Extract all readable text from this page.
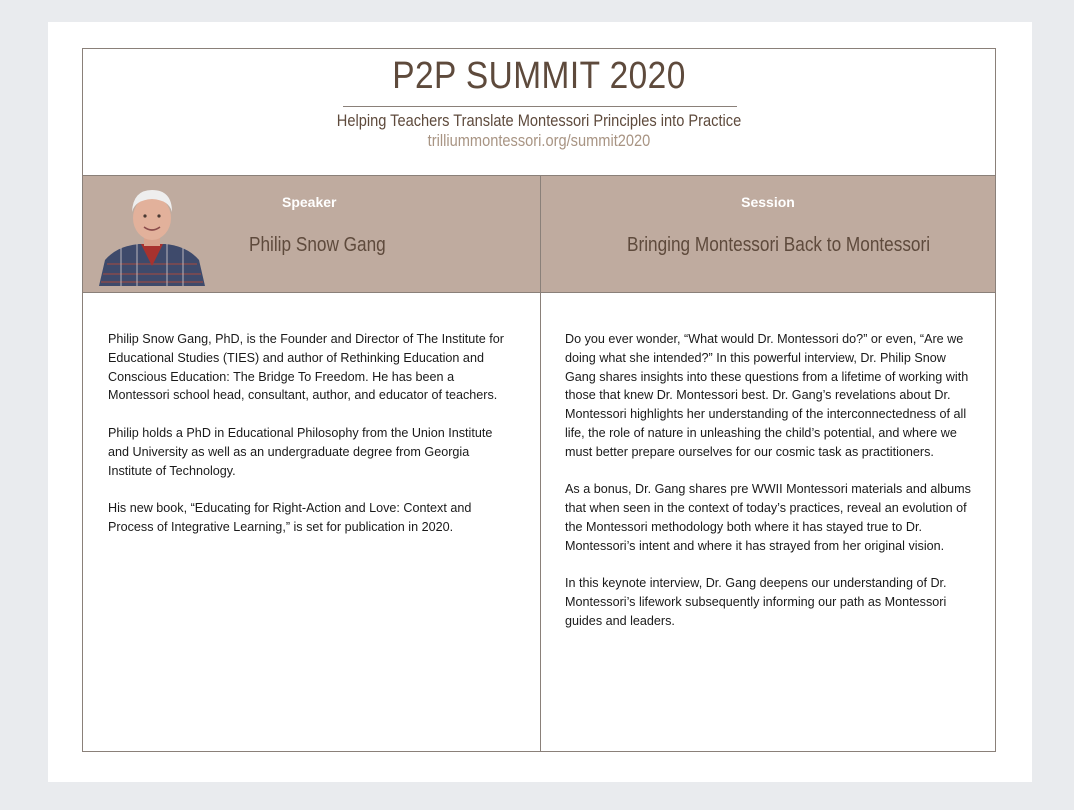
P2P SUMMIT 2020
Helping Teachers Translate Montessori Principles into Practice
trilliummontessori.org/summit2020
Speaker
Philip Snow Gang
Session
Bringing Montessori Back to Montessori

Philip Snow Gang, PhD, is the Founder and Director of The Institute for Educational Studies (TIES) and author of Rethinking Education and Conscious Education: The Bridge To Freedom. He has been a Montessori school head, consultant, author, and educator of teachers.

Philip holds a PhD in Educational Philosophy from the Union Institute and University as well as an undergraduate degree from Georgia Institute of Technology.

His new book, “Educating for Right-Action and Love: Context and Process of Integrative Learning,” is set for publication in 2020.

Do you ever wonder, “What would Dr. Montessori do?” or even, “Are we doing what she intended?” In this powerful interview, Dr. Philip Snow Gang shares insights into these questions from a lifetime of working with those that knew Dr. Montessori best. Dr. Gang’s revelations about Dr. Montessori highlights her understanding of the interconnectedness of all life, the role of nature in unleashing the child’s potential, and where we must better prepare ourselves for our cosmic task as practitioners.

As a bonus, Dr. Gang shares pre WWII Montessori materials and albums that when seen in the context of today’s practices, reveal an evolution of the Montessori methodology both where it has stayed true to Dr. Montessori’s intent and where it has strayed from her original vision.

In this keynote interview, Dr. Gang deepens our understanding of Dr. Montessori’s lifework subsequently informing our path as Montessori guides and leaders.
